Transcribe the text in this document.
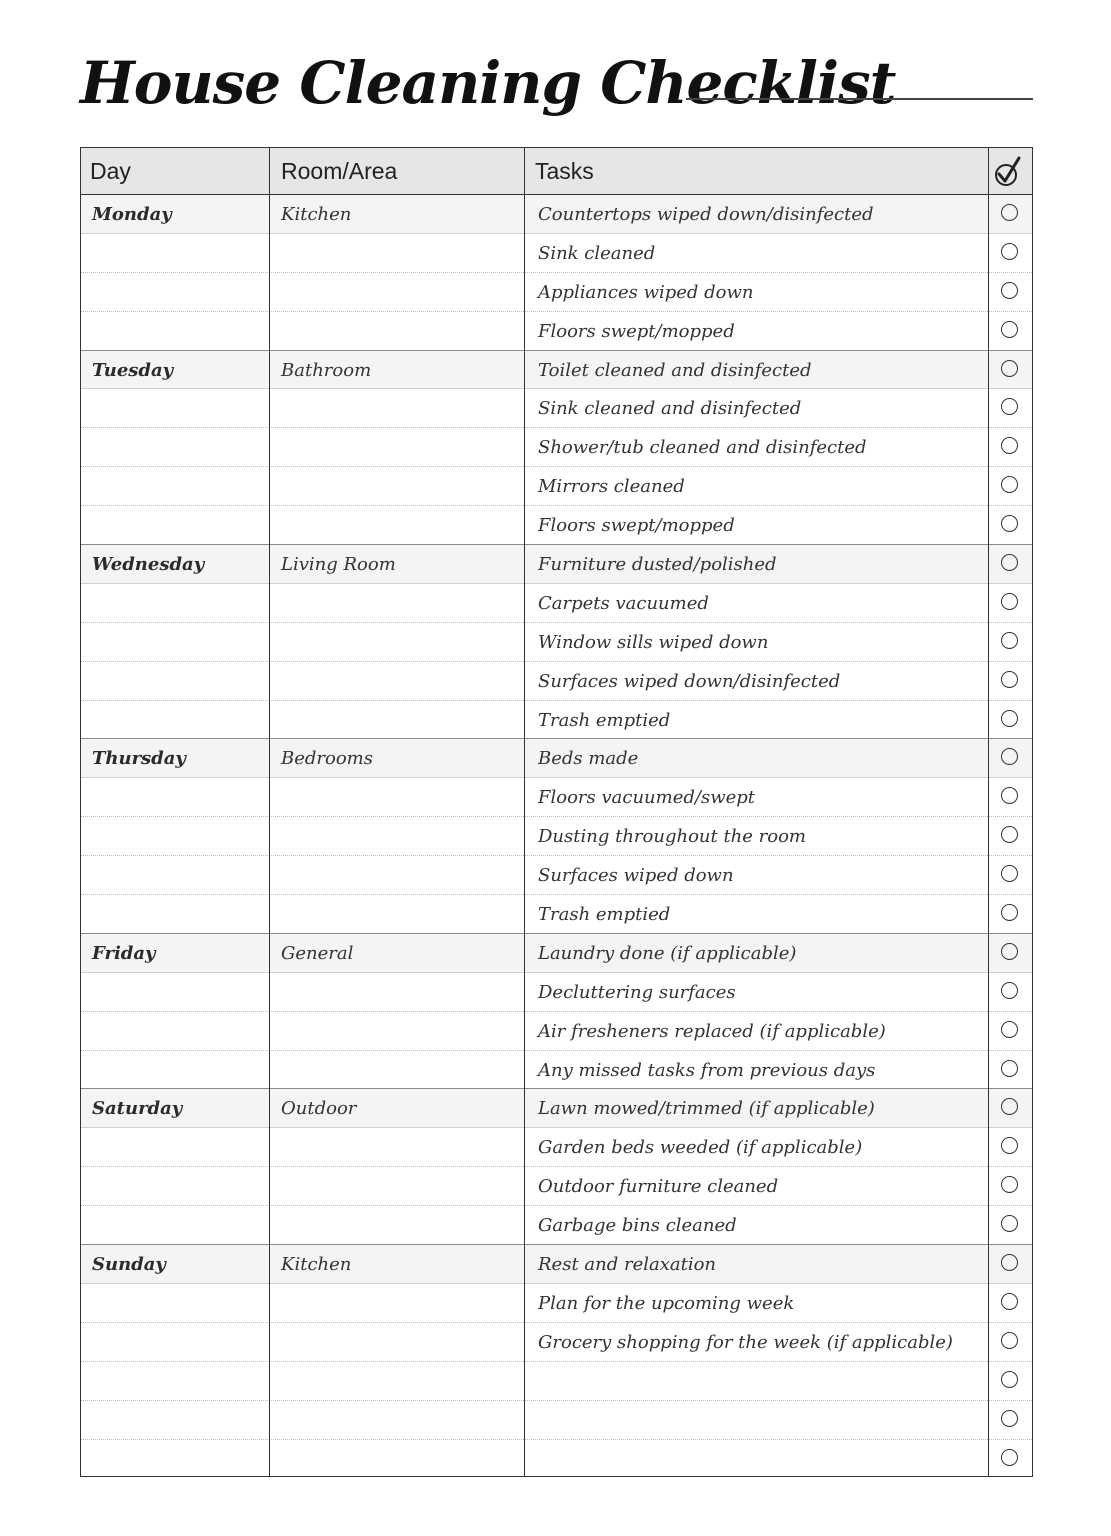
House Cleaning Checklist
Day	Room/Area	Tasks
Monday	Kitchen	Countertops wiped down/disinfected
Sink cleaned
Appliances wiped down
Floors swept/mopped
Tuesday	Bathroom	Toilet cleaned and disinfected
Sink cleaned and disinfected
Shower/tub cleaned and disinfected
Mirrors cleaned
Floors swept/mopped
Wednesday	Living Room	Furniture dusted/polished
Carpets vacuumed
Window sills wiped down
Surfaces wiped down/disinfected
Trash emptied
Thursday	Bedrooms	Beds made
Floors vacuumed/swept
Dusting throughout the room
Surfaces wiped down
Trash emptied
Friday	General	Laundry done (if applicable)
Decluttering surfaces
Air fresheners replaced (if applicable)
Any missed tasks from previous days
Saturday	Outdoor	Lawn mowed/trimmed (if applicable)
Garden beds weeded (if applicable)
Outdoor furniture cleaned
Garbage bins cleaned
Sunday	Kitchen	Rest and relaxation
Plan for the upcoming week
Grocery shopping for the week (if applicable)
